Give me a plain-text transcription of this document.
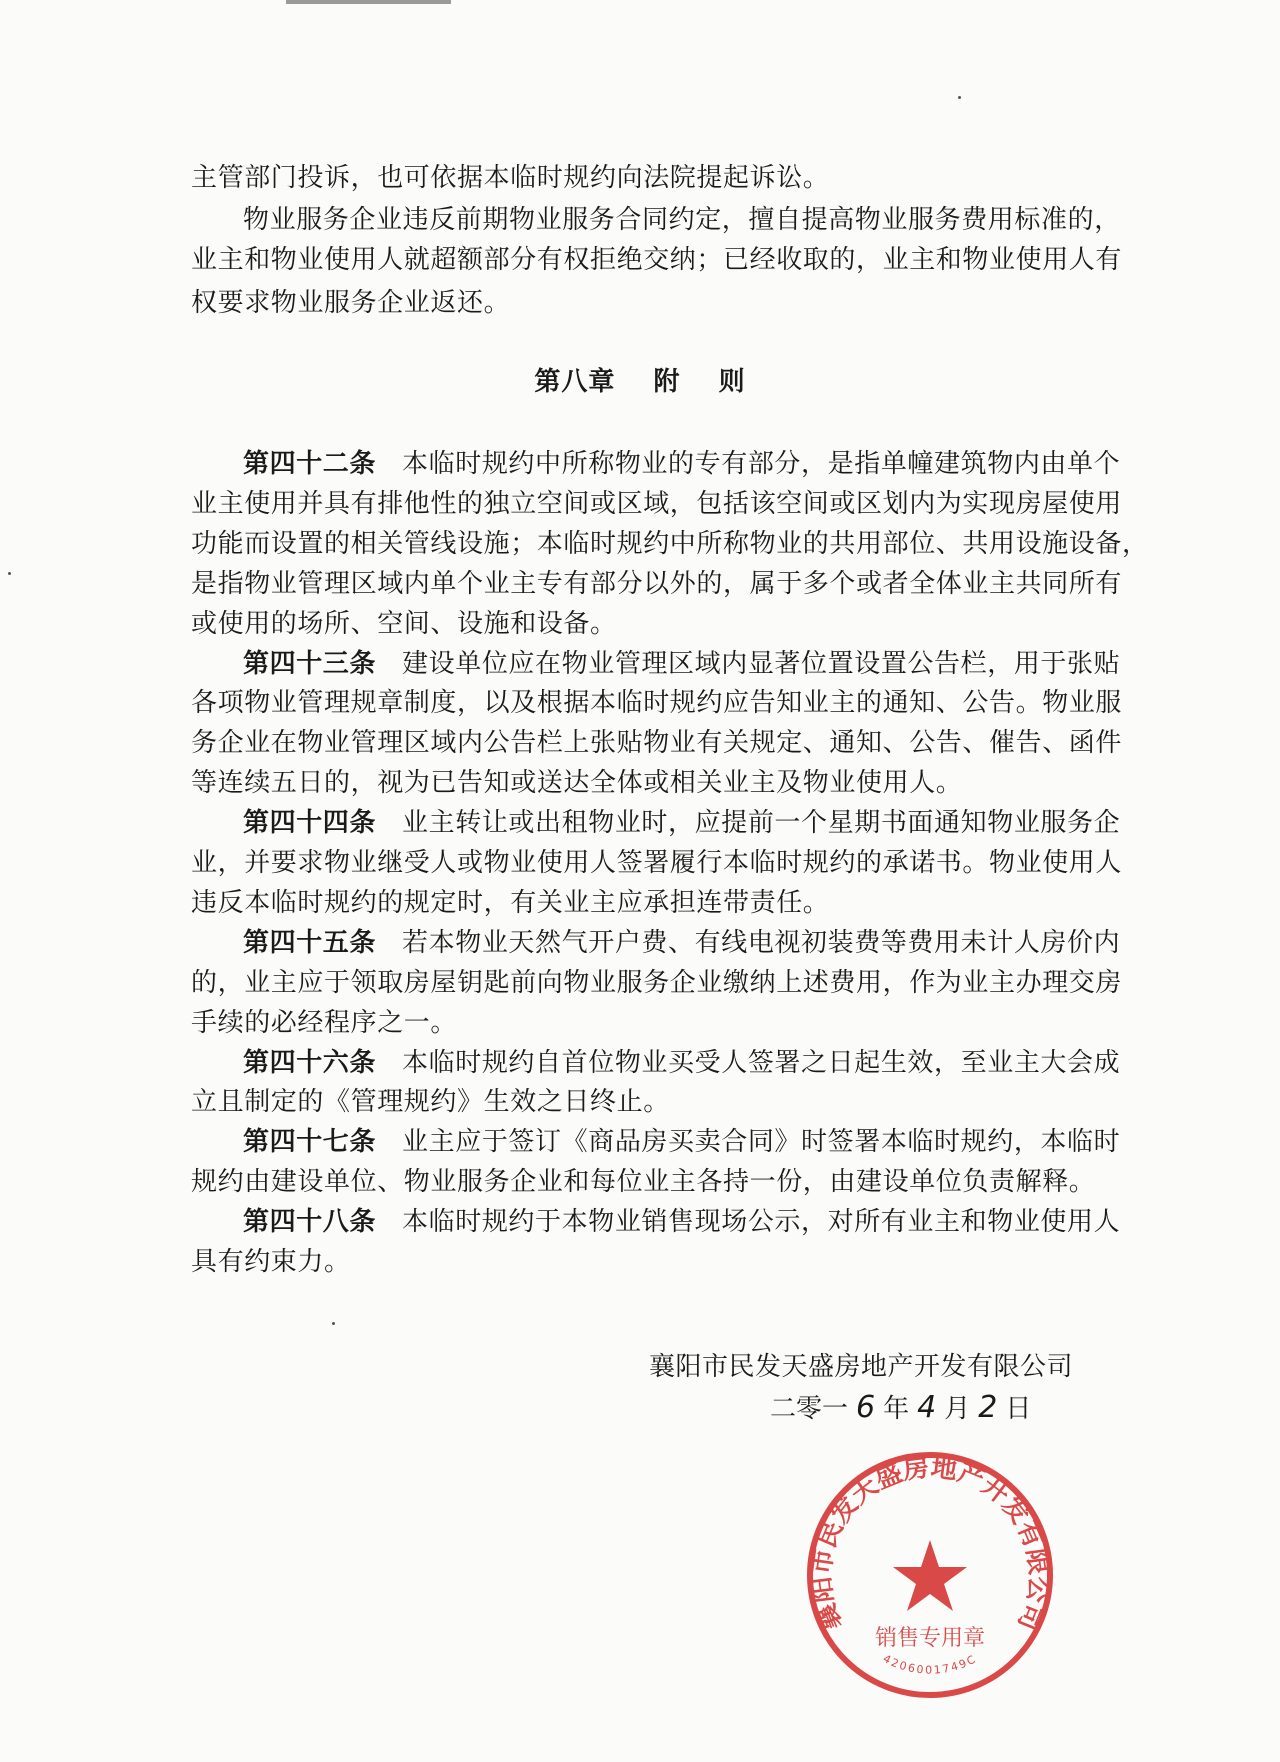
主管部门投诉，也可依据本临时规约向法院提起诉讼。
物业服务企业违反前期物业服务合同约定，擅自提高物业服务费用标准的，
业主和物业使用人就超额部分有权拒绝交纳；已经收取的，业主和物业使用人有
权要求物业服务企业返还。
第八章 附 则
第四十二条 本临时规约中所称物业的专有部分，是指单幢建筑物内由单个
业主使用并具有排他性的独立空间或区域，包括该空间或区划内为实现房屋使用
功能而设置的相关管线设施；本临时规约中所称物业的共用部位、共用设施设备，
是指物业管理区域内单个业主专有部分以外的，属于多个或者全体业主共同所有
或使用的场所、空间、设施和设备。
第四十三条 建设单位应在物业管理区域内显著位置设置公告栏，用于张贴
各项物业管理规章制度，以及根据本临时规约应告知业主的通知、公告。物业服
务企业在物业管理区域内公告栏上张贴物业有关规定、通知、公告、催告、函件
等连续五日的，视为已告知或送达全体或相关业主及物业使用人。
第四十四条 业主转让或出租物业时，应提前一个星期书面通知物业服务企
业，并要求物业继受人或物业使用人签署履行本临时规约的承诺书。物业使用人
违反本临时规约的规定时，有关业主应承担连带责任。
第四十五条 若本物业天然气开户费、有线电视初装费等费用未计人房价内
的，业主应于领取房屋钥匙前向物业服务企业缴纳上述费用，作为业主办理交房
手续的必经程序之一。
第四十六条 本临时规约自首位物业买受人签署之日起生效，至业主大会成
立且制定的《管理规约》生效之日终止。
第四十七条 业主应于签订《商品房买卖合同》时签署本临时规约，本临时
规约由建设单位、物业服务企业和每位业主各持一份，由建设单位负责解释。
第四十八条 本临时规约于本物业销售现场公示，对所有业主和物业使用人
具有约束力。
襄阳市民发天盛房地产开发有限公司
二零一 6 年 4 月 2 日
襄阳市民发天盛房地产开发有限公司
销售专用章
4206001749C
